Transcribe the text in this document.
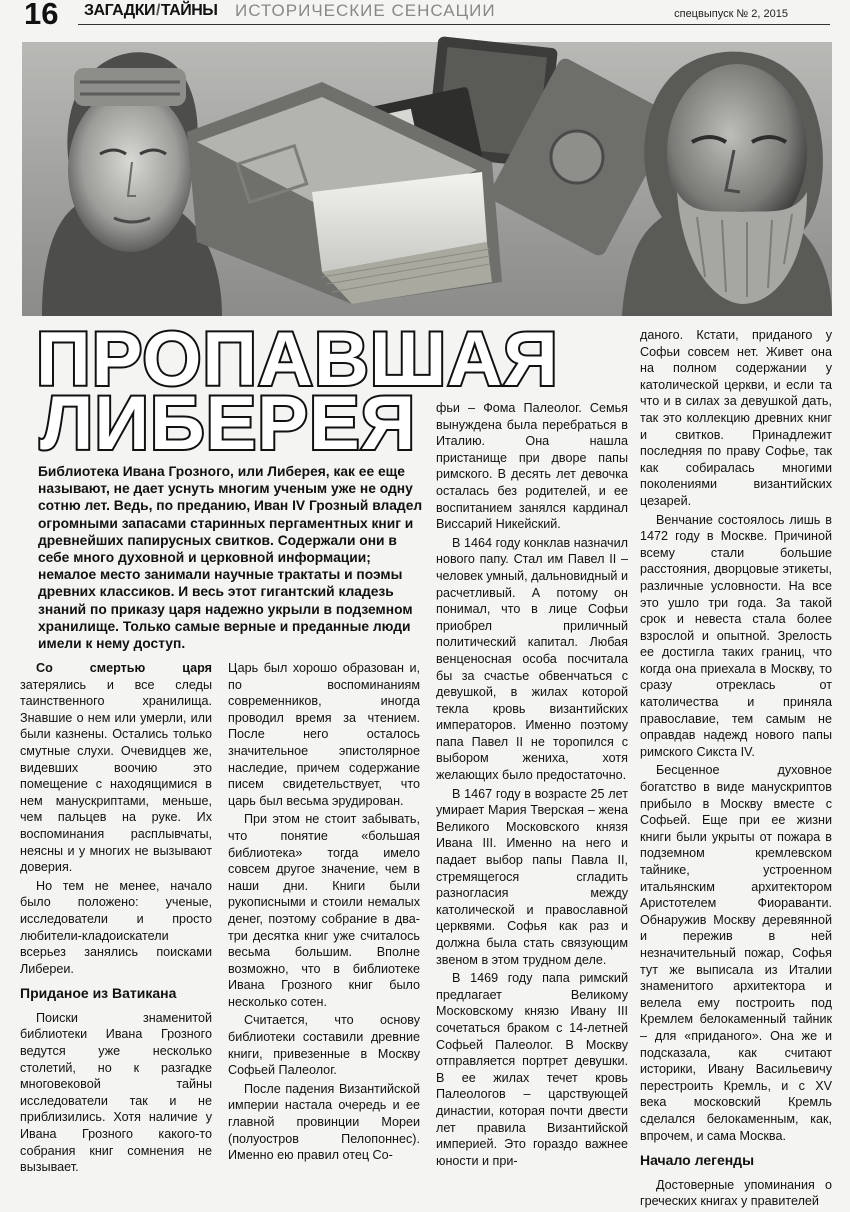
16 ЗАГАДКИ/ТАЙНЫ ИСТОРИЧЕСКИЕ СЕНСАЦИИ	спецвыпуск № 2, 2015
ПРОПАВШАЯ
ЛИБЕРЕЯ
Библиотека Ивана Грозного, или Либерея, как ее еще называют, не дает уснуть многим ученым уже не одну сотню лет. Ведь, по преданию, Иван IV Грозный владел огромными запасами старинных пергаментных книг и древнейших папирусных свитков. Содержали они в себе много духовной и церковной информации; немалое место занимали научные трактаты и поэмы древних классиков. И весь этот гигантский кладезь знаний по приказу царя надежно укрыли в подземном хранилище. Только самые верные и преданные люди имели к нему доступ.

Со смертью царя затерялись и все следы таинственного хранилища. Знавшие о нем или умерли, или были казнены. Остались только смутные слухи. Очевидцев же, видевших воочию это помещение с находящимися в нем манускриптами, меньше, чем пальцев на руке. Их воспоминания расплывчаты, неясны и у многих не вызывают доверия.

Но тем не менее, начало было положено: ученые, исследователи и просто любители-кладоискатели всерьез занялись поисками Либереи.

Приданое из Ватикана

Поиски знаменитой библиотеки Ивана Грозного ведутся уже несколько столетий, но к разгадке многовековой тайны исследователи так и не приблизились. Хотя наличие у Ивана Грозного какого-то собрания книг сомнения не вызывает.

Царь был хорошо образован и, по воспоминаниям современников, иногда проводил время за чтением. После него осталось значительное эпистолярное наследие, причем содержание писем свидетельствует, что царь был весьма эрудирован.

При этом не стоит забывать, что понятие «большая библиотека» тогда имело совсем другое значение, чем в наши дни. Книги были рукописными и стоили немалых денег, поэтому собрание в два-три десятка книг уже считалось весьма большим. Вполне возможно, что в библиотеке Ивана Грозного книг было несколько сотен.

Считается, что основу библиотеки составили древние книги, привезенные в Москву Софьей Палеолог.

После падения Византийской империи настала очередь и ее главной провинции Мореи (полуостров Пелопоннес). Именно ею правил отец Со-

фьи – Фома Палеолог. Семья вынуждена была перебраться в Италию. Она нашла пристанище при дворе папы римского. В десять лет девочка осталась без родителей, и ее воспитанием занялся кардинал Виссарий Никейский.

В 1464 году конклав назначил нового папу. Стал им Павел II – человек умный, дальновидный и расчетливый. А потому он понимал, что в лице Софьи приобрел приличный политический капитал. Любая венценосная особа посчитала бы за счастье обвенчаться с девушкой, в жилах которой текла кровь византийских императоров. Именно поэтому папа Павел II не торопился с выбором жениха, хотя желающих было предостаточно.

В 1467 году в возрасте 25 лет умирает Мария Тверская – жена Великого Московского князя Ивана III. Именно на него и падает выбор папы Павла II, стремящегося сгладить разногласия между католической и православной церквями. Софья как раз и должна была стать связующим звеном в этом трудном деле.

В 1469 году папа римский предлагает Великому Московскому князю Ивану III сочетаться браком с 14-летней Софьей Палеолог. В Москву отправляется портрет девушки. В ее жилах течет кровь Палеологов – царствующей династии, которая почти двести лет правила Византийской империей. Это гораздо важнее юности и при-

даного. Кстати, приданого у Софьи совсем нет. Живет она на полном содержании у католической церкви, и если та что и в силах за девушкой дать, так это коллекцию древних книг и свитков. Принадлежит последняя по праву Софье, так как собиралась многими поколениями византийских цезарей.

Венчание состоялось лишь в 1472 году в Москве. Причиной всему стали большие расстояния, дворцовые этикеты, различные условности. На все это ушло три года. За такой срок и невеста стала более взрослой и опытной. Зрелость ее достигла таких границ, что когда она приехала в Москву, то сразу отреклась от католичества и приняла православие, тем самым не оправдав надежд нового папы римского Сикста IV.

Бесценное духовное богатство в виде манускриптов прибыло в Москву вместе с Софьей. Еще при ее жизни книги были укрыты от пожара в подземном кремлевском тайнике, устроенном итальянским архитектором Аристотелем Фиораванти. Обнаружив Москву деревянной и пережив в ней незначительный пожар, Софья тут же выписала из Италии знаменитого архитектора и велела ему построить под Кремлем белокаменный тайник – для «приданого». Она же и подсказала, как считают историки, Ивану Васильевичу перестроить Кремль, и с XV века московский Кремль сделался белокаменным, как, впрочем, и сама Москва.

Начало легенды

Достоверные упоминания о греческих книгах у правителей
